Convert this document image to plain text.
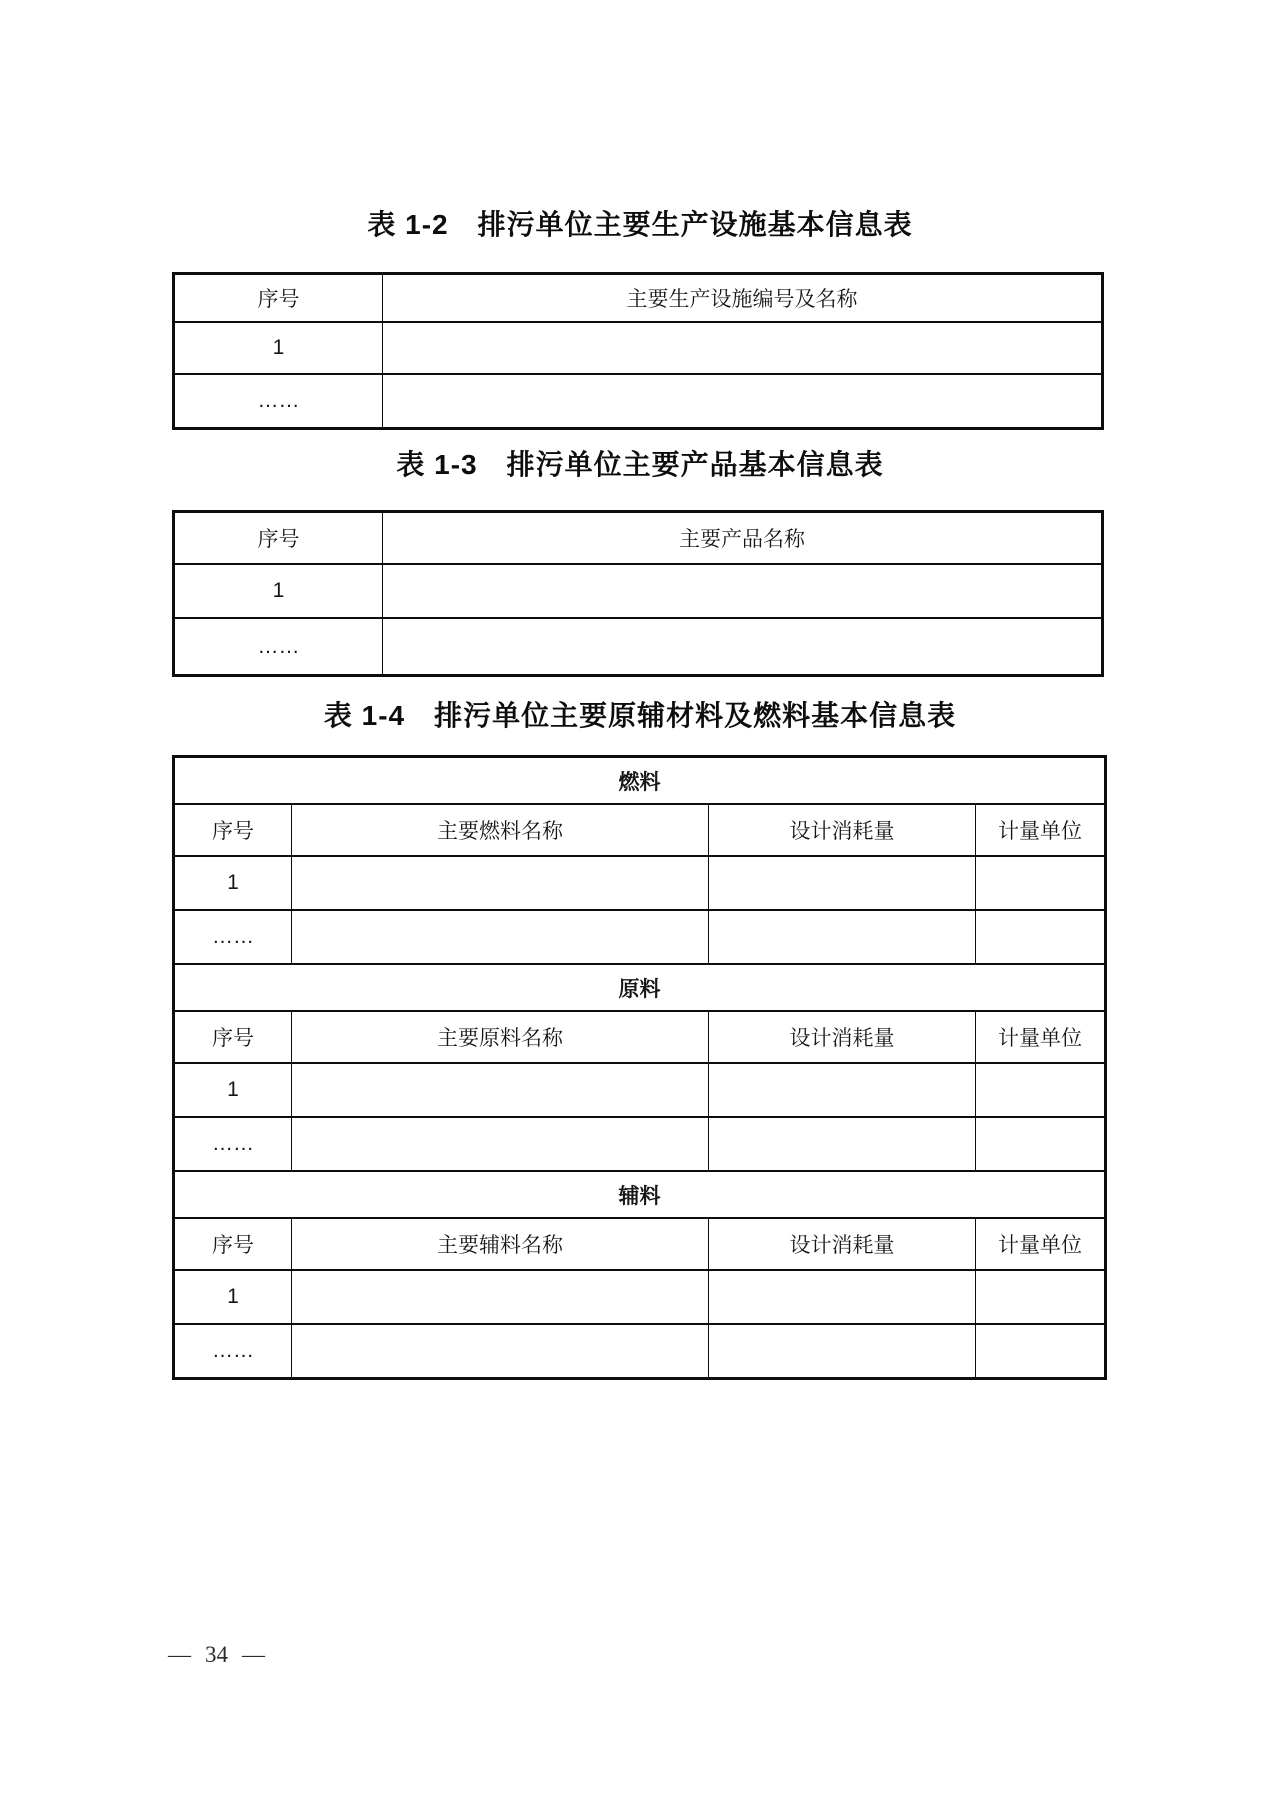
表 1-2　排污单位主要生产设施基本信息表
序号	主要生产设施编号及名称
1	
……	
表 1-3　排污单位主要产品基本信息表
序号	主要产品名称
1	
……	
表 1-4　排污单位主要原辅材料及燃料基本信息表
燃料			
序号	主要燃料名称	设计消耗量	计量单位
1			
……			
原料			
序号	主要原料名称	设计消耗量	计量单位
1			
……			
辅料			
序号	主要辅料名称	设计消耗量	计量单位
1			
……			
— 34 —
